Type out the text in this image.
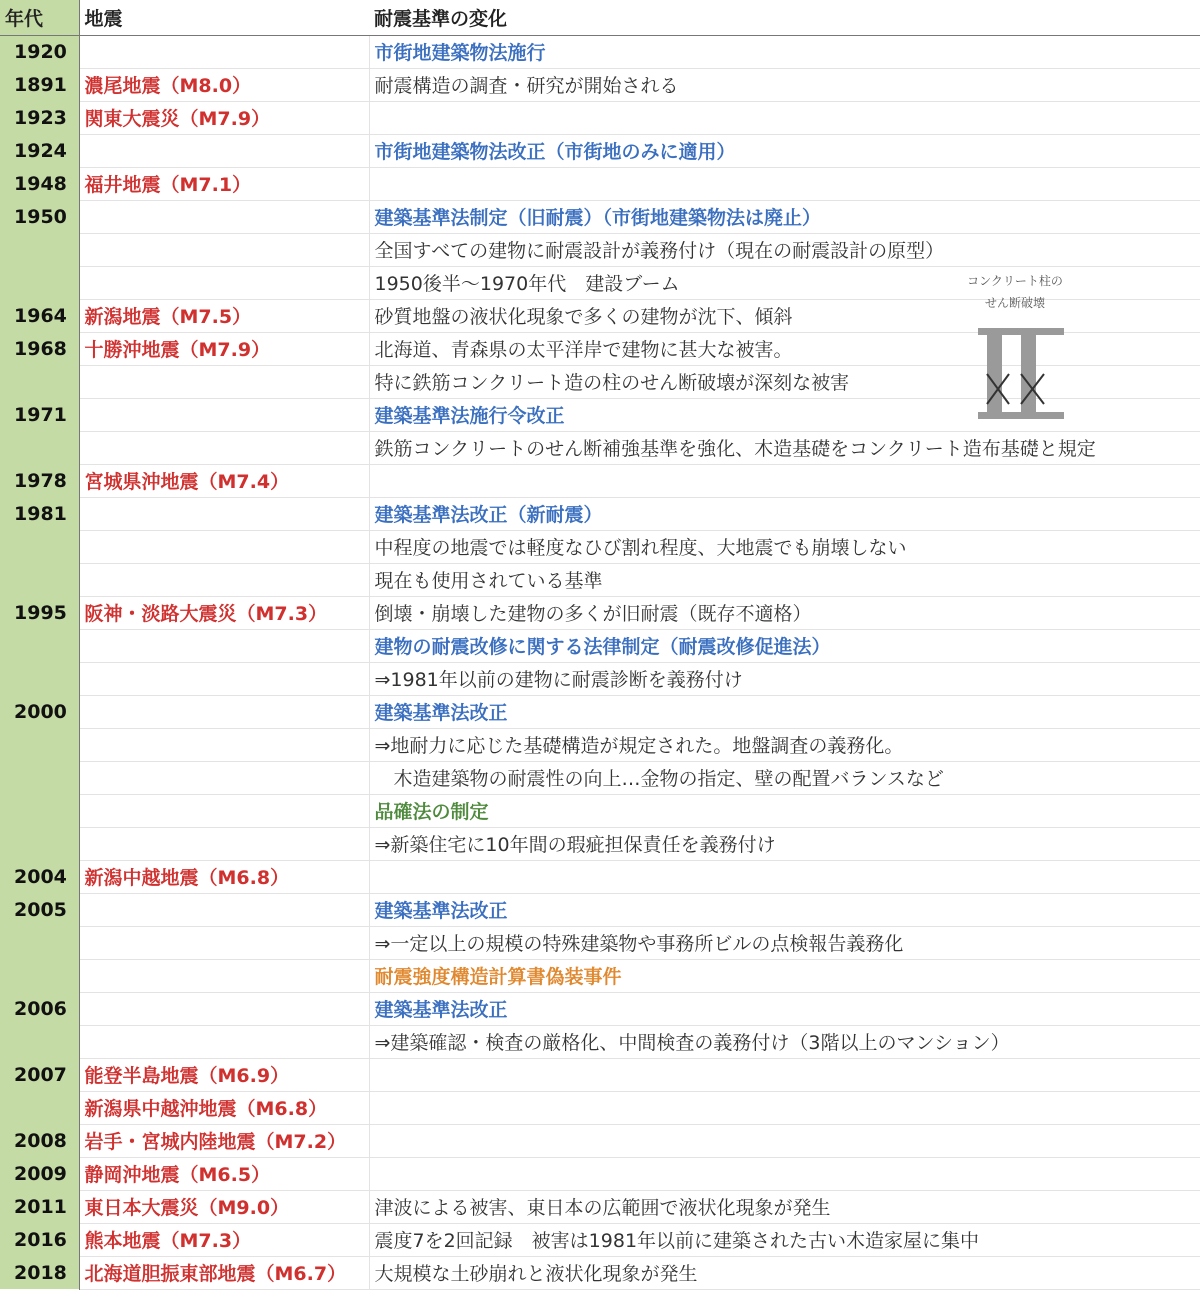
年代	地震	耐震基準の変化
1920		市街地建築物法施行
1891	濃尾地震（M8.0）	耐震構造の調査・研究が開始される
1923	関東大震災（M7.9）	
1924		市街地建築物法改正（市街地のみに適用）
1948	福井地震（M7.1）	
1950		建築基準法制定（旧耐震）（市街地建築物法は廃止）
		全国すべての建物に耐震設計が義務付け（現在の耐震設計の原型）
		1950後半～1970年代　建設ブーム
1964	新潟地震（M7.5）	砂質地盤の液状化現象で多くの建物が沈下、傾斜
1968	十勝沖地震（M7.9）	北海道、青森県の太平洋岸で建物に甚大な被害。
		特に鉄筋コンクリート造の柱のせん断破壊が深刻な被害
1971		建築基準法施行令改正
		鉄筋コンクリートのせん断補強基準を強化、木造基礎をコンクリート造布基礎と規定
1978	宮城県沖地震（M7.4）	
1981		建築基準法改正（新耐震）
		中程度の地震では軽度なひび割れ程度、大地震でも崩壊しない
		現在も使用されている基準
1995	阪神・淡路大震災（M7.3）	倒壊・崩壊した建物の多くが旧耐震（既存不適格）
		建物の耐震改修に関する法律制定（耐震改修促進法）
		⇒1981年以前の建物に耐震診断を義務付け
2000		建築基準法改正
		⇒地耐力に応じた基礎構造が規定された。地盤調査の義務化。
		　木造建築物の耐震性の向上…金物の指定、壁の配置バランスなど
		品確法の制定
		⇒新築住宅に10年間の瑕疵担保責任を義務付け
2004	新潟中越地震（M6.8）	
2005		建築基準法改正
		⇒一定以上の規模の特殊建築物や事務所ビルの点検報告義務化
		耐震強度構造計算書偽装事件
2006		建築基準法改正
		⇒建築確認・検査の厳格化、中間検査の義務付け（3階以上のマンション）
2007	能登半島地震（M6.9）	
	新潟県中越沖地震（M6.8）	
2008	岩手・宮城内陸地震（M7.2）	
2009	静岡沖地震（M6.5）	
2011	東日本大震災（M9.0）	津波による被害、東日本の広範囲で液状化現象が発生
2016	熊本地震（M7.3）	震度7を2回記録　被害は1981年以前に建築された古い木造家屋に集中
2018	北海道胆振東部地震（M6.7）	大規模な土砂崩れと液状化現象が発生
コンクリート柱の
せん断破壊
